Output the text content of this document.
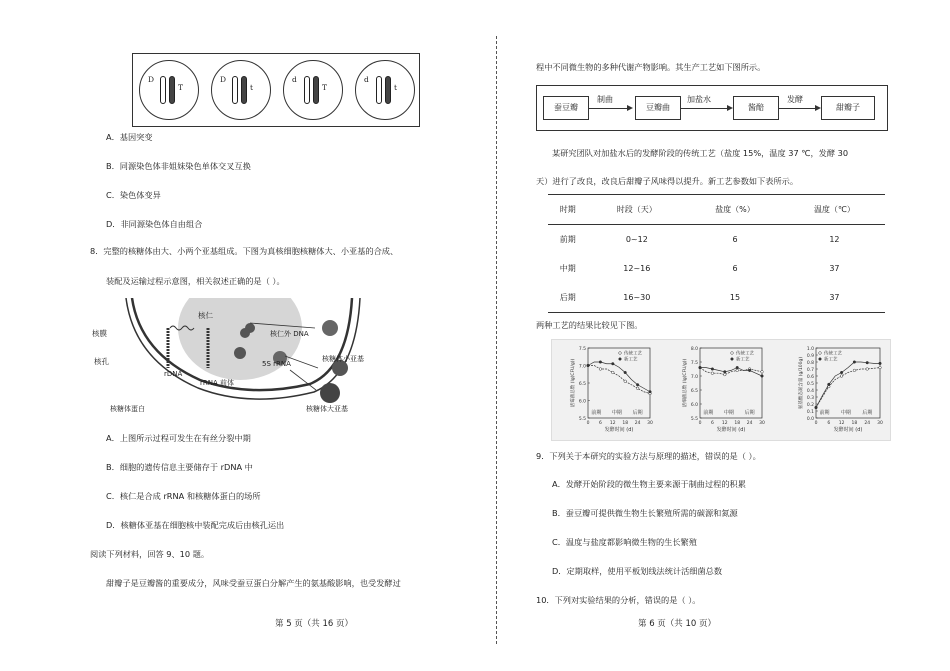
D
T
D
t
d
T
d
t
A．基因突变
B．同源染色体非姐妹染色单体交叉互换
C．染色体变异
D．非同源染色体自由组合
8．完整的核糖体由大、小两个亚基组成。下图为真核细胞核糖体大、小亚基的合成、
装配及运输过程示意图，相关叙述正确的是（ ）。
核仁
核膜
核孔
rDNA
rRNA 前体
核仁外 DNA
5S rRNA
核糖体小亚基
核糖体蛋白	核糖体大亚基
A．上图所示过程可发生在有丝分裂中期
B．细胞的遗传信息主要储存于 rDNA 中
C．核仁是合成 rRNA 和核糖体蛋白的场所
D．核糖体亚基在细胞核中装配完成后由核孔运出
阅读下列材料，回答 9、10 题。
甜瓣子是豆瓣酱的重要成分，风味受蚕豆蛋白分解产生的氨基酸影响，也受发酵过
第 5 页（共 16 页）
程中不同微生物的多种代谢产物影响。其生产工艺如下图所示。
蚕豆瓣	豆瓣曲	酱醅	甜瓣子
制曲	加盐水	发酵
某研究团队对加盐水后的发酵阶段的传统工艺（盐度 15%，温度 37 ℃，发酵 30
天）进行了改良，改良后甜瓣子风味得以提升。新工艺参数如下表所示。
时期	时段（天）	盐度（%）	温度（℃）
前期	0~12	6	12
中期	12~16	6	37
后期	16~30	15	37
两种工艺的结果比较见下图。
5.5
6.0
6.5
7.0
7.5
0 6 12 18 24 30
前期 中期 后期
发酵时间 (d)
活霉菌总数 (lg(CFU/g))
传统工艺
新工艺
5.5
6.0
6.5
7.0
7.5
8.0
0 6 12 18 24 30
前期 中期 后期
发酵时间 (d)
活细菌总数 (lg(CFU/g))
传统工艺
新工艺
0.0
0.1
0.2
0.3
0.4
0.5
0.6
0.7
0.8
0.9
1.0
0 6 12 18 24 30
前期 中期 后期
发酵时间 (d)
氨基酸态氮含量 (g/100g)
传统工艺
新工艺
9．下列关于本研究的实验方法与原理的描述，错误的是（ ）。
A．发酵开始阶段的微生物主要来源于制曲过程的积累
B．蚕豆瓣可提供微生物生长繁殖所需的碳源和氮源
C．温度与盐度都影响微生物的生长繁殖
D．定期取样，使用平板划线法统计活细菌总数
10．下列对实验结果的分析，错误的是（ ）。
第 6 页（共 10 页）
